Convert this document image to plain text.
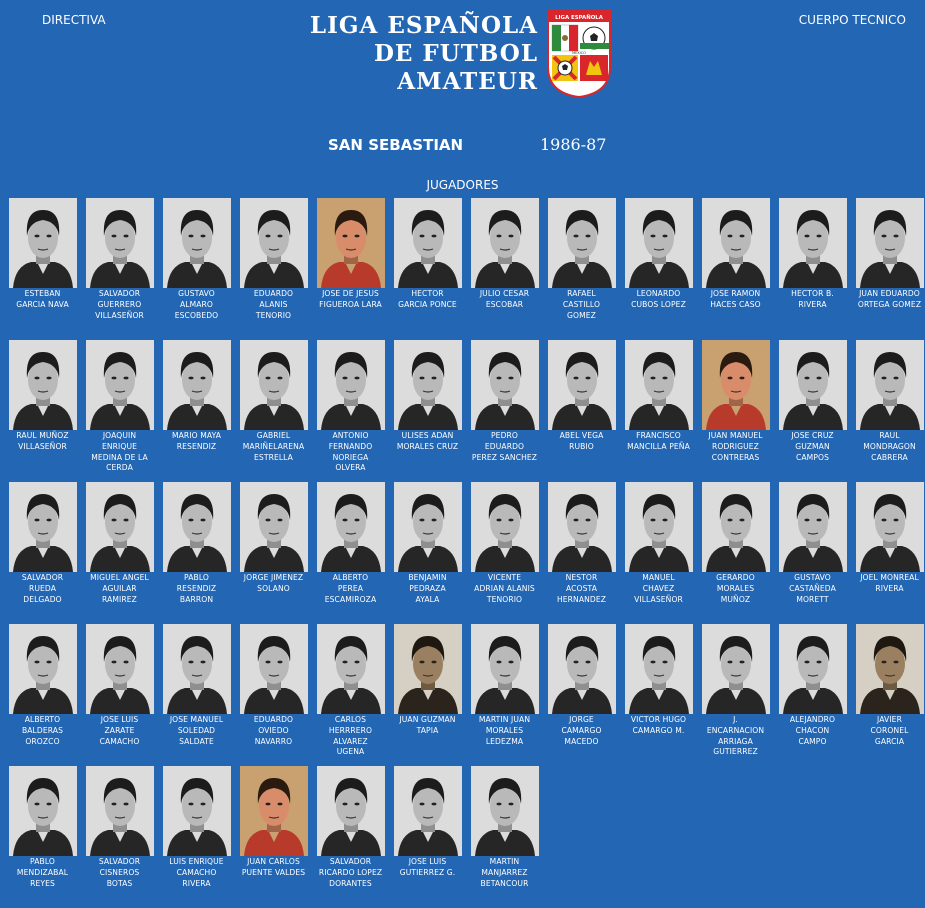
DIRECTIVA	CUERPO TECNICO
LIGA ESPAÑOLA
DE FUTBOL
AMATEUR
LIGA ESPAÑOLA
MEXICO
SAN SEBASTIAN	1986-87
JUGADORES
ESTEBAN
GARCIA NAVA
SALVADOR
GUERRERO
VILLASEÑOR
GUSTAVO
ALMARO
ESCOBEDO
EDUARDO
ALANIS
TENORIO
JOSE DE JESUS
FIGUEROA LARA
HECTOR
GARCIA PONCE
JULIO CESAR
ESCOBAR
RAFAEL
CASTILLO
GOMEZ
LEONARDO
CUBOS LOPEZ
JOSE RAMON
HACES CASO
HECTOR B.
RIVERA
JUAN EDUARDO
ORTEGA GOMEZ
RAUL MUÑOZ
VILLASEÑOR
JOAQUIN
ENRIQUE
MEDINA DE LA
CERDA
MARIO MAYA
RESENDIZ
GABRIEL
MARIÑELARENA
ESTRELLA
ANTONIO
FERNANDO
NORIEGA
OLVERA
ULISES ADAN
MORALES CRUZ
PEDRO
EDUARDO
PEREZ SANCHEZ
ABEL VEGA
RUBIO
FRANCISCO
MANCILLA PEÑA
JUAN MANUEL
RODRIGUEZ
CONTRERAS
JOSE CRUZ
GUZMAN
CAMPOS
RAUL
MONDRAGON
CABRERA
SALVADOR
RUEDA
DELGADO
MIGUEL ANGEL
AGUILAR
RAMIREZ
PABLO
RESENDIZ
BARRON
JORGE JIMENEZ
SOLANO
ALBERTO
PEREA
ESCAMIROZA
BENJAMIN
PEDRAZA
AYALA
VICENTE
ADRIAN ALANIS
TENORIO
NESTOR
ACOSTA
HERNANDEZ
MANUEL
CHAVEZ
VILLASEÑOR
GERARDO
MORALES
MUÑOZ
GUSTAVO
CASTAÑEDA
MORETT
JOEL MONREAL
RIVERA
ALBERTO
BALDERAS
OROZCO
JOSE LUIS
ZARATE
CAMACHO
JOSE MANUEL
SOLEDAD
SALDATE
EDUARDO
OVIEDO
NAVARRO
CARLOS
HERRRERO
ALVAREZ
UGENA
JUAN GUZMAN
TAPIA
MARTIN JUAN
MORALES
LEDEZMA
JORGE
CAMARGO
MACEDO
VICTOR HUGO
CAMARGO M.
J.
ENCARNACION
ARRIAGA
GUTIERREZ
ALEJANDRO
CHACON
CAMPO
JAVIER
CORONEL
GARCIA
PABLO
MENDIZABAL
REYES
SALVADOR
CISNEROS
BOTAS
LUIS ENRIQUE
CAMACHO
RIVERA
JUAN CARLOS
PUENTE VALDES
SALVADOR
RICARDO LOPEZ
DORANTES
JOSE LUIS
GUTIERREZ G.
MARTIN
MANJARREZ
BETANCOUR
